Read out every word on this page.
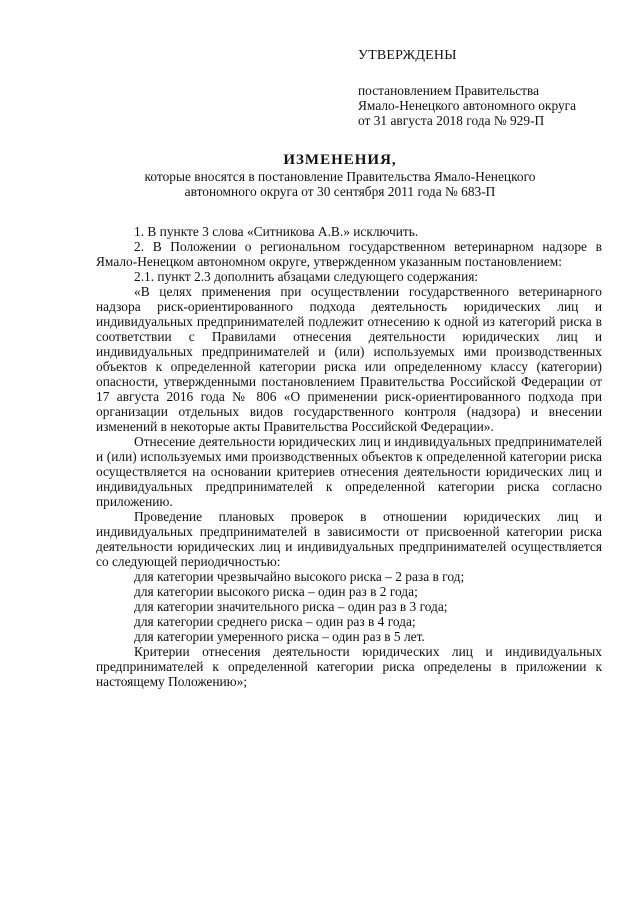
УТВЕРЖДЕНЫ
постановлением Правительства
Ямало-Ненецкого автономного округа
от 31 августа 2018 года № 929-П
ИЗМЕНЕНИЯ,
которые вносятся в постановление Правительства Ямало-Ненецкого
автономного округа от 30 сентября 2011 года № 683-П
1. В пункте 3 слова «Ситникова А.В.» исключить.
2. В Положении о региональном государственном ветеринарном надзоре в Ямало-Ненецком автономном округе, утвержденном указанным постановлением:
2.1. пункт 2.3 дополнить абзацами следующего содержания:
«В целях применения при осуществлении государственного ветеринарного надзора риск-ориентированного подхода деятельность юридических лиц и индивидуальных предпринимателей подлежит отнесению к одной из категорий риска в соответствии с Правилами отнесения деятельности юридических лиц и индивидуальных предпринимателей и (или) используемых ими производственных объектов к определенной категории риска или определенному классу (категории) опасности, утвержденными постановлением Правительства Российской Федерации от 17 августа 2016 года № 806 «О применении риск-ориентированного подхода при организации отдельных видов государственного контроля (надзора) и внесении изменений в некоторые акты Правительства Российской Федерации».
Отнесение деятельности юридических лиц и индивидуальных предпринимателей и (или) используемых ими производственных объектов к определенной категории риска осуществляется на основании критериев отнесения деятельности юридических лиц и индивидуальных предпринимателей к определенной категории риска согласно приложению.
Проведение плановых проверок в отношении юридических лиц и индивидуальных предпринимателей в зависимости от присвоенной категории риска деятельности юридических лиц и индивидуальных предпринимателей осуществляется со следующей периодичностью:
для категории чрезвычайно высокого риска – 2 раза в год;
для категории высокого риска – один раз в 2 года;
для категории значительного риска – один раз в 3 года;
для категории среднего риска – один раз в 4 года;
для категории умеренного риска – один раз в 5 лет.
Критерии отнесения деятельности юридических лиц и индивидуальных предпринимателей к определенной категории риска определены в приложении к настоящему Положению»;
